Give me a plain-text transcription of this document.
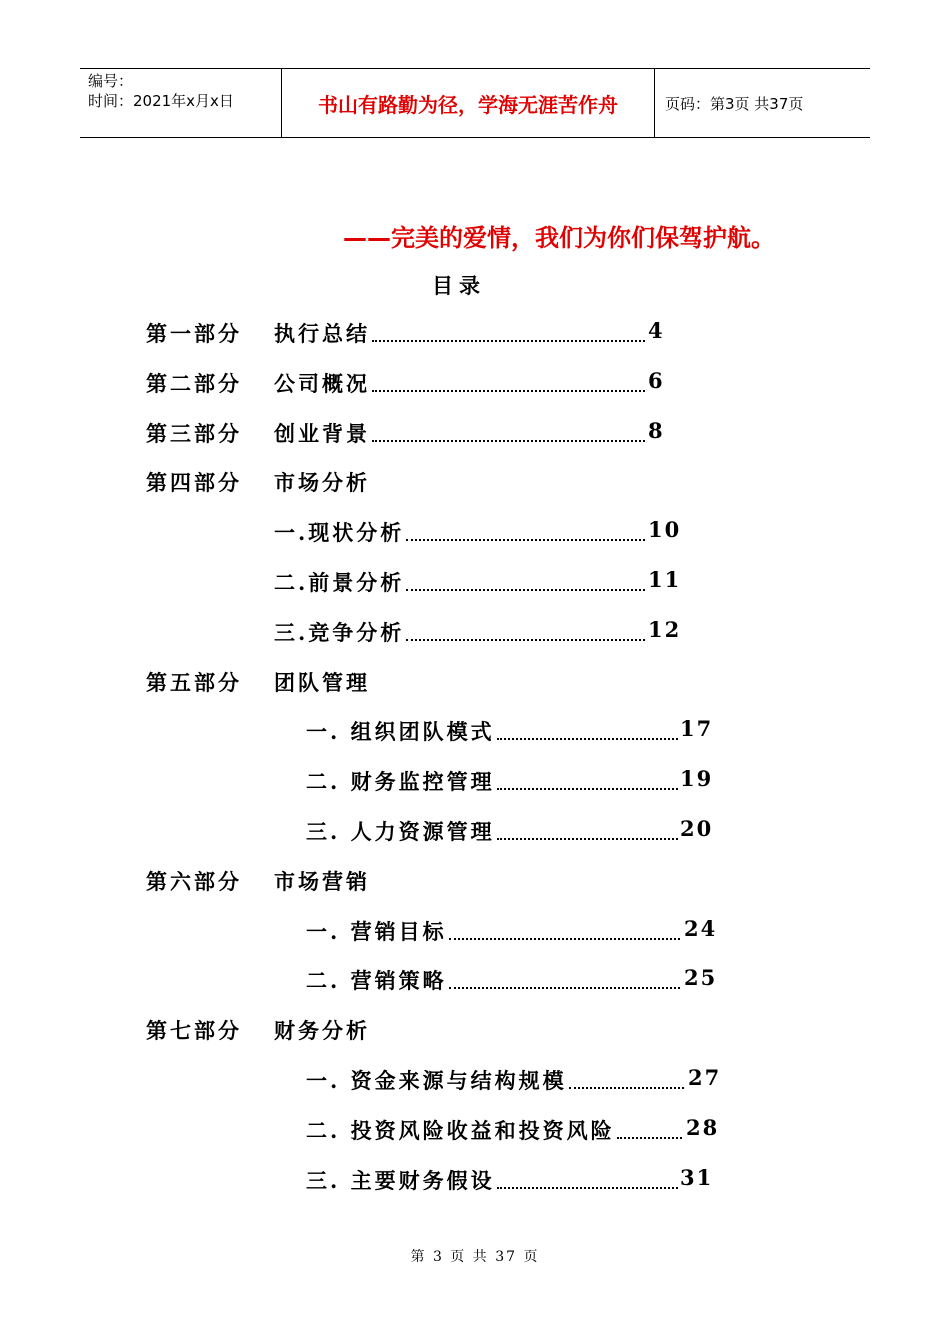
编号：
时间：2021年x月x日	书山有路勤为径，学海无涯苦作舟	页码：第3页 共37页
——完美的爱情，我们为你们保驾护航。
目录
第一部分 执行总结	4
第二部分 公司概况	6
第三部分 创业背景	8
第四部分 市场分析
一.现状分析	10
二.前景分析	11
三.竞争分析	12
第五部分 团队管理
一. 组织团队模式	17
二. 财务监控管理	19
三. 人力资源管理	20
第六部分 市场营销
一. 营销目标	24
二. 营销策略	25
第七部分 财务分析
一. 资金来源与结构规模	27
二. 投资风险收益和投资风险	28
三. 主要财务假设	31
第 3 页 共 37 页
